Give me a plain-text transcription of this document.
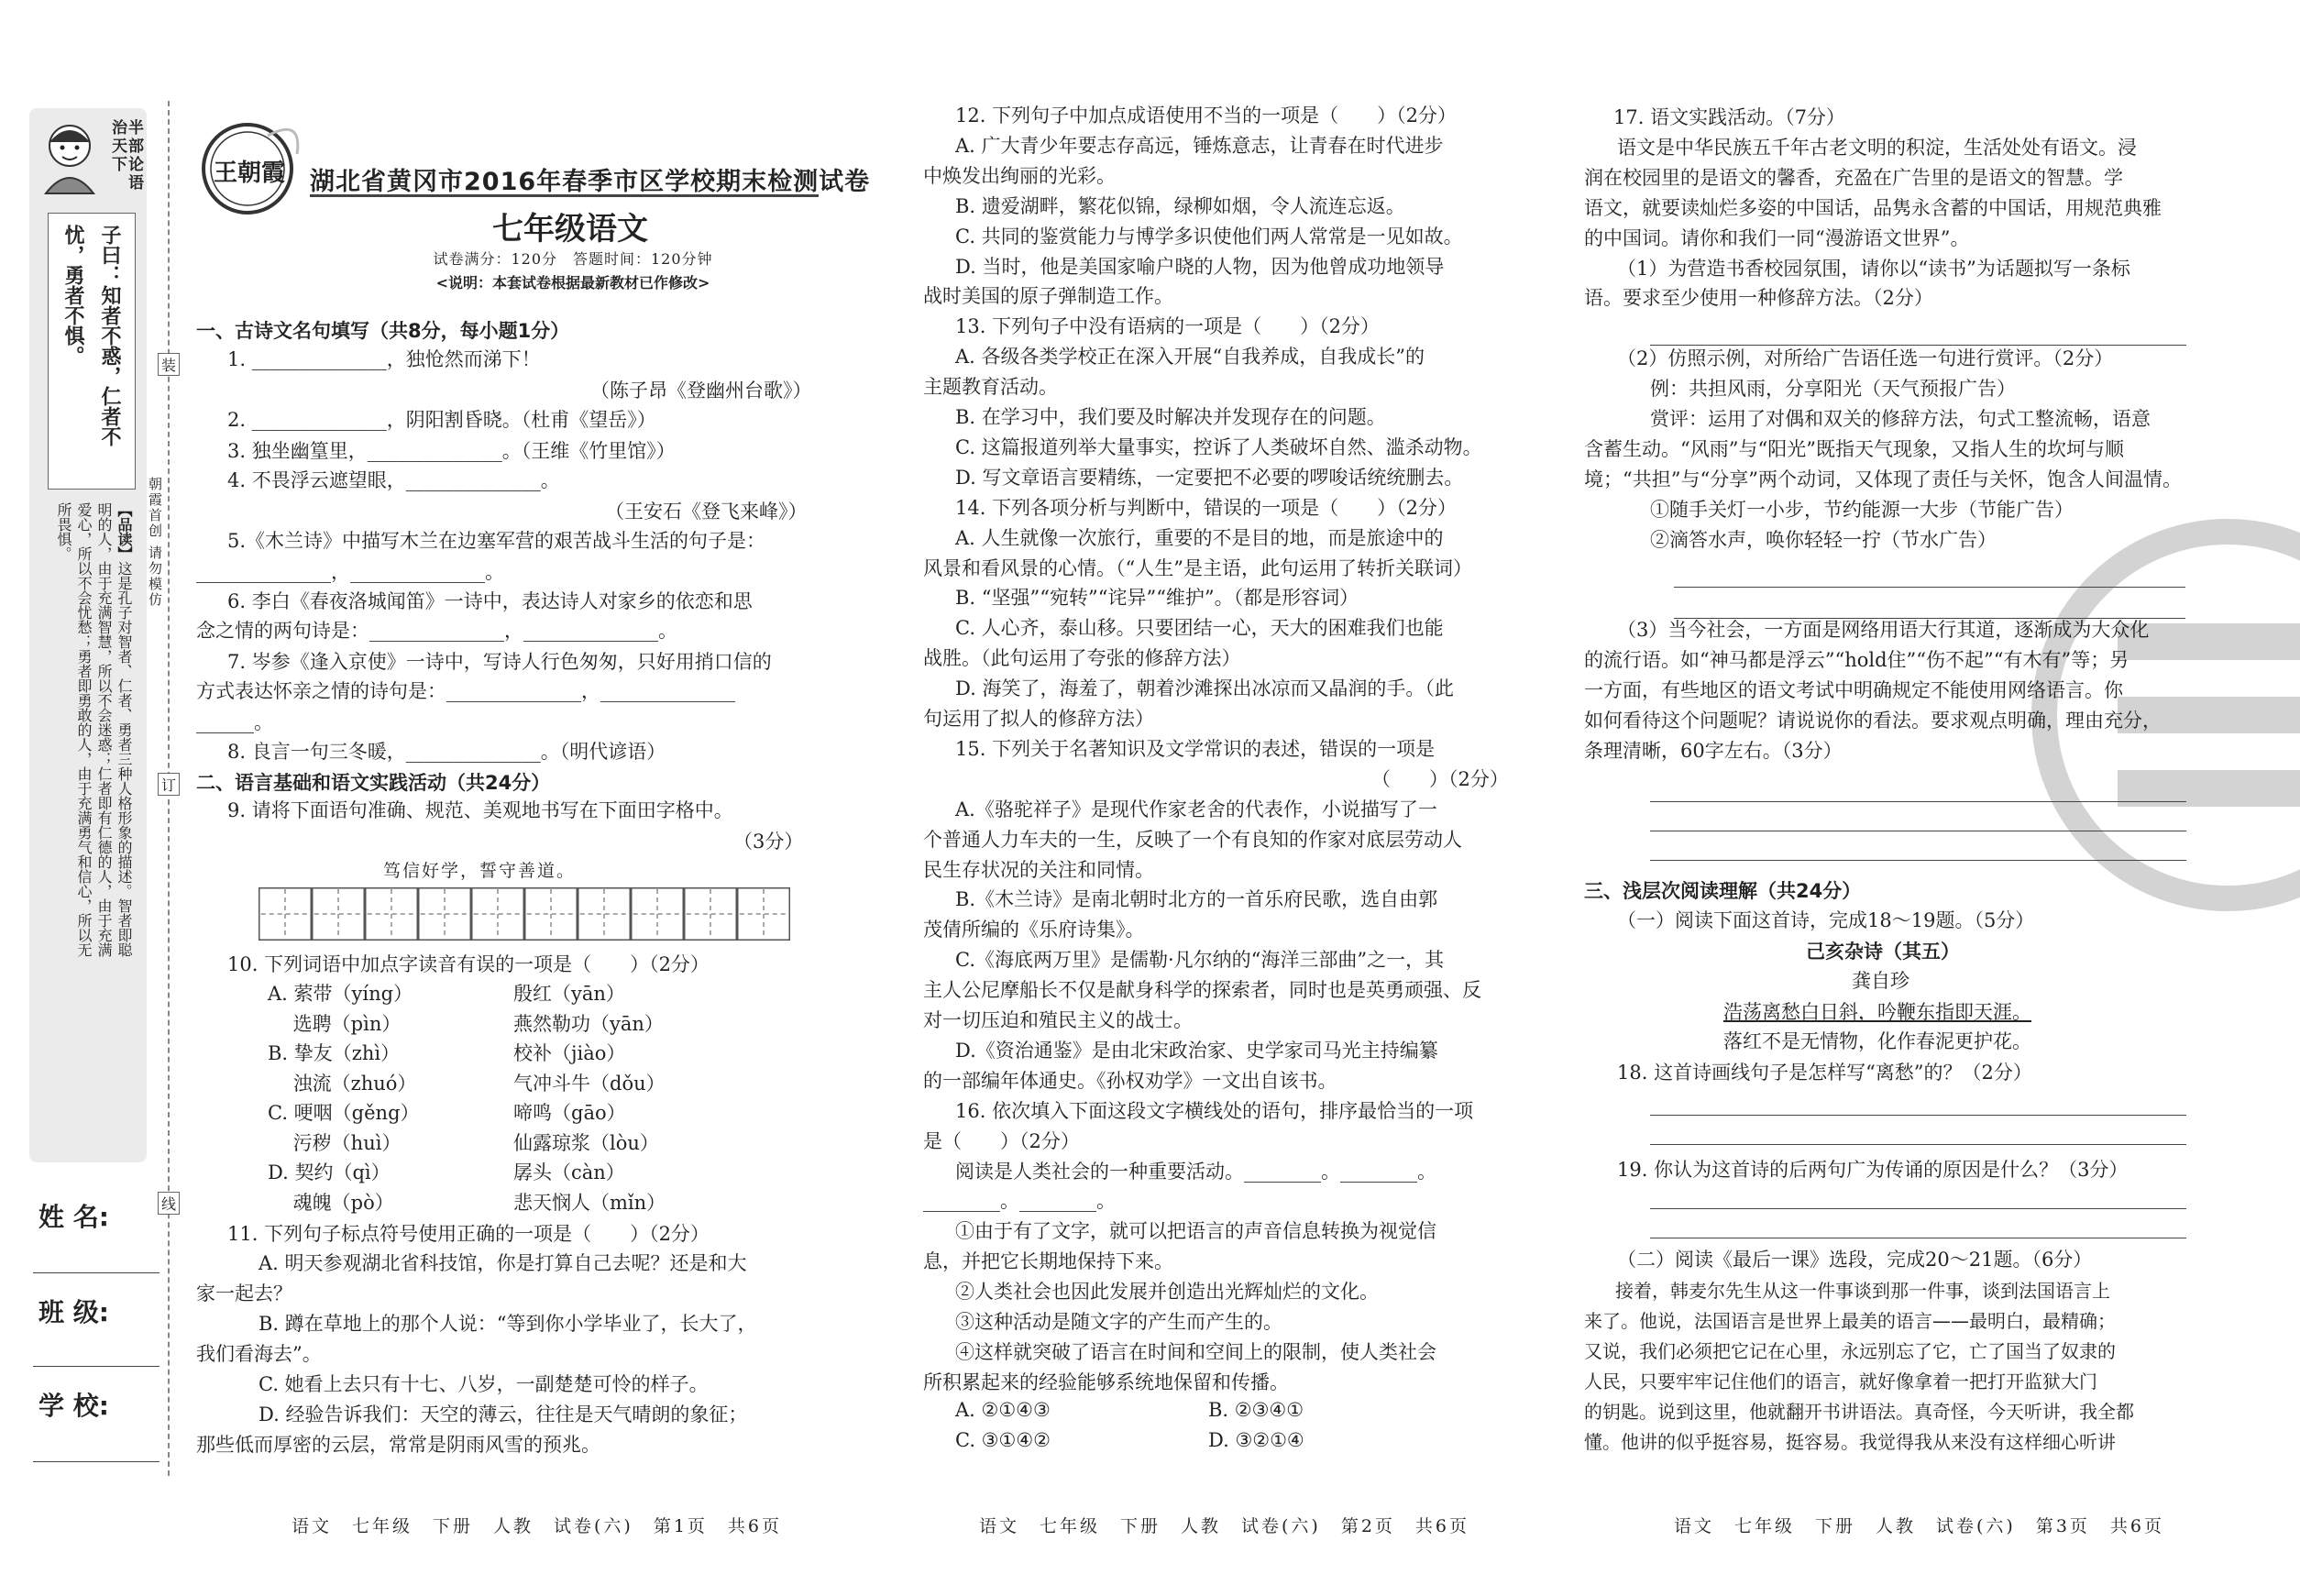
半部论语
治天下
子曰：知者不惑，仁者不忧，勇者不惧。
【品读】这是孔子对智者、仁者、勇者三种人格形象的描述。智者即聪明的人，由于充满智慧，所以不会迷惑；仁者即有仁德的人，由于充满爱心，所以不会忧愁；勇者即勇敢的人，由于充满勇气和信心，所以无所畏惧。
姓 名:
班 级:
学 校:
装
订
线
朝霞首创 请勿模仿
王朝霞	湖北省黄冈市2016年春季市区学校期末检测试卷
七年级语文
试卷满分：120分　答题时间：120分钟
<说明：本套试卷根据最新教材已作修改>
一、古诗文名句填写（共8分，每小题1分）
1. ______________，独怆然而涕下！
（陈子昂《登幽州台歌》）
2. ______________，阴阳割昏晓。（杜甫《望岳》）
3. 独坐幽篁里，______________。（王维《竹里馆》）
4. 不畏浮云遮望眼，______________。
（王安石《登飞来峰》）
5.《木兰诗》中描写木兰在边塞军营的艰苦战斗生活的句子是：
______________，______________。
6. 李白《春夜洛城闻笛》一诗中，表达诗人对家乡的依恋和思
念之情的两句诗是：______________，______________。
7. 岑参《逢入京使》一诗中，写诗人行色匆匆，只好用捎口信的
方式表达怀亲之情的诗句是：______________，______________
______。
8. 良言一句三冬暖，______________。（明代谚语）
二、语言基础和语文实践活动（共24分）
9. 请将下面语句准确、规范、美观地书写在下面田字格中。
（3分）
笃信好学，誓守善道。
10. 下列词语中加点字读音有误的一项是（　　）（2分）
A. 萦带（yíng）	殷红（yān）
　 选聘（pìn）	燕然勒功（yān）
B. 挚友（zhì）	校补（jiào）
　 浊流（zhuó）	气冲斗牛（dǒu）
C. 哽咽（gěng）	啼鸣（gāo）
　 污秽（huì）	仙露琼浆（lòu）
D. 契约（qì）	孱头（càn）
　 魂魄（pò）	悲天悯人（mǐn）
11. 下列句子标点符号使用正确的一项是（　　）（2分）
A. 明天参观湖北省科技馆，你是打算自己去呢？还是和大
家一起去？
B. 蹲在草地上的那个人说：“等到你小学毕业了，长大了，
我们看海去”。
C. 她看上去只有十七、八岁，一副楚楚可怜的样子。
D. 经验告诉我们：天空的薄云，往往是天气晴朗的象征；
那些低而厚密的云层，常常是阴雨风雪的预兆。
语文　七年级　下册　人教　试卷(六)　第1页　共6页
12. 下列句子中加点成语使用不当的一项是（　　）（2分）
A. 广大青少年要志存高远，锤炼意志，让青春在时代进步
中焕发出绚丽的光彩。
B. 遗爱湖畔，繁花似锦，绿柳如烟，令人流连忘返。
C. 共同的鉴赏能力与博学多识使他们两人常常是一见如故。
D. 当时，他是美国家喻户晓的人物，因为他曾成功地领导
战时美国的原子弹制造工作。
13. 下列句子中没有语病的一项是（　　）（2分）
A. 各级各类学校正在深入开展“自我养成，自我成长”的
主题教育活动。
B. 在学习中，我们要及时解决并发现存在的问题。
C. 这篇报道列举大量事实，控诉了人类破坏自然、滥杀动物。
D. 写文章语言要精练，一定要把不必要的啰唆话统统删去。
14. 下列各项分析与判断中，错误的一项是（　　）（2分）
A. 人生就像一次旅行，重要的不是目的地，而是旅途中的
风景和看风景的心情。（“人生”是主语，此句运用了转折关联词）
B. “坚强”“宛转”“诧异”“维护”。（都是形容词）
C. 人心齐，泰山移。只要团结一心，天大的困难我们也能
战胜。（此句运用了夸张的修辞方法）
D. 海笑了，海羞了，朝着沙滩探出冰凉而又晶润的手。（此
句运用了拟人的修辞方法）
15. 下列关于名著知识及文学常识的表述，错误的一项是
（　　）（2分）
A.《骆驼祥子》是现代作家老舍的代表作，小说描写了一
个普通人力车夫的一生，反映了一个有良知的作家对底层劳动人
民生存状况的关注和同情。
B.《木兰诗》是南北朝时北方的一首乐府民歌，选自由郭
茂倩所编的《乐府诗集》。
C.《海底两万里》是儒勒·凡尔纳的“海洋三部曲”之一，其
主人公尼摩船长不仅是献身科学的探索者，同时也是英勇顽强、反
对一切压迫和殖民主义的战士。
D.《资治通鉴》是由北宋政治家、史学家司马光主持编纂
的一部编年体通史。《孙权劝学》一文出自该书。
16. 依次填入下面这段文字横线处的语句，排序最恰当的一项
是（　　）（2分）
阅读是人类社会的一种重要活动。________。________。
________。________。
①由于有了文字，就可以把语言的声音信息转换为视觉信
息，并把它长期地保持下来。
②人类社会也因此发展并创造出光辉灿烂的文化。
③这种活动是随文字的产生而产生的。
④这样就突破了语言在时间和空间上的限制，使人类社会
所积累起来的经验能够系统地保留和传播。
A. ②①④③	B. ②③④①
C. ③①④②	D. ③②①④
语文　七年级　下册　人教　试卷(六)　第2页　共6页
17. 语文实践活动。（7分）
语文是中华民族五千年古老文明的积淀，生活处处有语文。浸
润在校园里的是语文的馨香，充盈在广告里的是语文的智慧。学
语文，就要读灿烂多姿的中国话，品隽永含蓄的中国话，用规范典雅
的中国词。请你和我们一同“漫游语文世界”。
（1）为营造书香校园氛围，请你以“读书”为话题拟写一条标
语。要求至少使用一种修辞方法。（2分）
（2）仿照示例，对所给广告语任选一句进行赏评。（2分）
例：共担风雨，分享阳光（天气预报广告）
赏评：运用了对偶和双关的修辞方法，句式工整流畅，语意
含蓄生动。“风雨”与“阳光”既指天气现象，又指人生的坎坷与顺
境；“共担”与“分享”两个动词，又体现了责任与关怀，饱含人间温情。
①随手关灯一小步，节约能源一大步（节能广告）
②滴答水声，唤你轻轻一拧（节水广告）
（3）当今社会，一方面是网络用语大行其道，逐渐成为大众化
的流行语。如“神马都是浮云”“hold住”“伤不起”“有木有”等；另
一方面，有些地区的语文考试中明确规定不能使用网络语言。你
如何看待这个问题呢？请说说你的看法。要求观点明确，理由充分，
条理清晰，60字左右。（3分）
三、浅层次阅读理解（共24分）
（一）阅读下面这首诗，完成18～19题。（5分）
己亥杂诗（其五）
龚自珍
浩荡离愁白日斜，吟鞭东指即天涯。
落红不是无情物，化作春泥更护花。
18. 这首诗画线句子是怎样写“离愁”的？（2分）
19. 你认为这首诗的后两句广为传诵的原因是什么？（3分）
（二）阅读《最后一课》选段，完成20～21题。（6分）
接着，韩麦尔先生从这一件事谈到那一件事，谈到法国语言上
来了。他说，法国语言是世界上最美的语言——最明白，最精确；
又说，我们必须把它记在心里，永远别忘了它，亡了国当了奴隶的
人民，只要牢牢记住他们的语言，就好像拿着一把打开监狱大门
的钥匙。说到这里，他就翻开书讲语法。真奇怪，今天听讲，我全都
懂。他讲的似乎挺容易，挺容易。我觉得我从来没有这样细心听讲
语文　七年级　下册　人教　试卷(六)　第3页　共6页
